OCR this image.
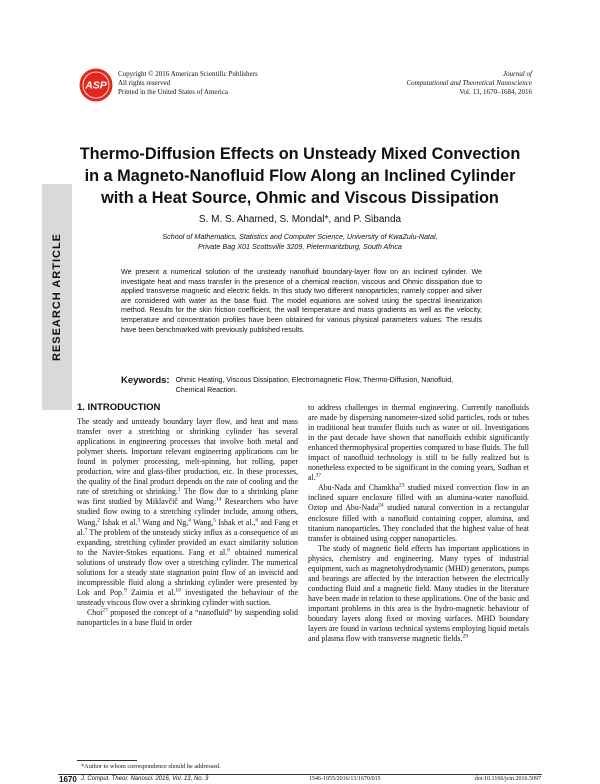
ASP
Copyright © 2016 American Scientific Publishers
All rights reserved
Printed in the United States of America
Journal of
Computational and Theoretical Nanoscience
Vol. 13, 1670–1684, 2016
RESEARCH ARTICLE
Thermo-Diffusion Effects on Unsteady Mixed Convection
in a Magneto-Nanofluid Flow Along an Inclined Cylinder
with a Heat Source, Ohmic and Viscous Dissipation
S. M. S. Ahamed, S. Mondal*, and P. Sibanda
School of Mathematics, Statistics and Computer Science, University of KwaZulu-Natal,
Private Bag X01 Scottsville 3209, Pietermaritzburg, South Africa
We present a numerical solution of the unsteady nanofluid boundary-layer flow on an inclined cylinder. We investigate heat and mass transfer in the presence of a chemical reaction, viscous and Ohmic dissipation due to applied transverse magnetic and electric fields. In this study two different nanoparticles; namely copper and silver are considered with water as the base fluid. The model equations are solved using the spectral linearization method. Results for the skin friction coefficient, the wall temperature and mass gradients as well as the velocity, temperature and concentration profiles have been obtained for various physical parameters values. The results have been benchmarked with previously published results.
Keywords: Ohmic Heating, Viscous Dissipation, Electromagnetic Flow, Thermo-Diffusion, Nanofluid, Chemical Reaction.
1. INTRODUCTION

The steady and unsteady boundary layer flow, and heat and mass transfer over a stretching or shrinking cylinder has several applications in engineering processes that involve both metal and polymer sheets. Important relevant engineering applications can be found in polymer processing, melt-spinning, hot rolling, paper production, wire and glass-fiber production, etc. In these processes, the quality of the final product depends on the rate of cooling and the rate of stretching or shrinking.$^1$ The flow due to a shrinking plane was first studied by Miklavčič and Wang.$^{14}$ Researchers who have studied flow owing to a stretching cylinder include, among others, Wang,$^2$ Ishak et al.$^3$ Wang and Ng,$^4$ Wang,$^5$ Ishak et al.,$^6$ and Fang et al.$^7$ The problem of the unsteady sticky influx as a consequence of an expanding, stretching cylinder provided an exact similarity solution to the Navier-Stokes equations. Fang et al.$^8$ obtained numerical solutions of unsteady flow over a stretching cylinder. The numerical solutions for a steady state stagnation point flow of an inviscid and incompressible fluid along a shrinking cylinder were presented by Lok and Pop.$^9$ Zaimia et al.$^{10}$ investigated the behaviour of the unsteady viscous flow over a shrinking cylinder with suction.

Choi$^{27}$ proposed the concept of a “nanofluid” by suspending solid nanoparticles in a base fluid in order

*Author to whom correspondence should be addressed.

to address challenges in thermal engineering. Currently nanofluids are made by dispersing nanometer-sized solid particles, rods or tubes in traditional heat transfer fluids such as water or oil. Investigations in the past decade have shown that nanofluids exhibit significantly enhanced thermophysical properties compared to base fluids. The full impact of nanofluid technology is still to be fully realized but is nonetheless expected to be significant in the coming years, Sudhan et al.$^{37}$

Abu-Nada and Chamkha$^{23}$ studied mixed convection flow in an inclined square enclosure filled with an alumina-water nanofluid. Oztop and Abu-Nada$^{24}$ studied natural convection in a rectangular enclosure filled with a nanofluid containing copper, alumina, and titanium nanoparticles. They concluded that the highest value of heat transfer is obtained using copper nanoparticles.

The study of magnetic field effects has important applications in physics, chemistry and engineering. Many types of industrial equipment, such as magnetohydrodynamic (MHD) generators, pumps and bearings are affected by the interaction between the electrically conducting fluid and a magnetic field. Many studies in the literature have been made in relation to these applications. One of the basic and important problems in this area is the hydro-magnetic behaviour of boundary layers along fixed or moving surfaces. MHD boundary layers are found in various technical systems employing liquid metals and plasma flow with transverse magnetic fields.$^{29}$

1670 J. Comput. Theor. Nanosci. 2016, Vol. 13, No. 3	1546-1955/2016/13/1670/015	doi:10.1166/jctn.2016.5097
